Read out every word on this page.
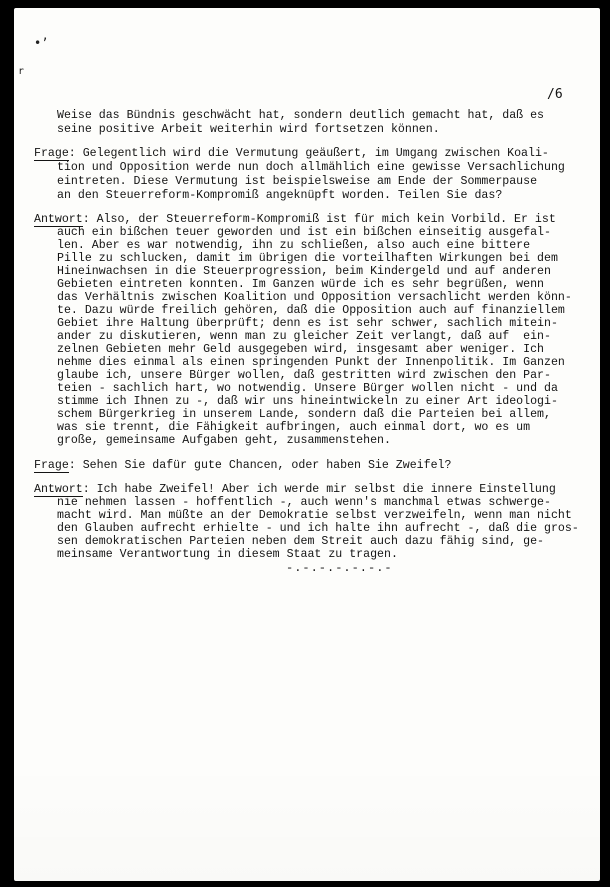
•’
r
/6

Weise das Bündnis geschwächt hat, sondern deutlich gemacht hat, daß es

seine positive Arbeit weiterhin wird fortsetzen können.

Frage: Gelegentlich wird die Vermutung geäußert, im Umgang zwischen Koali-

tion und Opposition werde nun doch allmählich eine gewisse Versachlichung

eintreten. Diese Vermutung ist beispielsweise am Ende der Sommerpause

an den Steuerreform-Kompromiß angeknüpft worden. Teilen Sie das?

Antwort: Also, der Steuerreform-Kompromiß ist für mich kein Vorbild. Er ist

auch ein bißchen teuer geworden und ist ein bißchen einseitig ausgefal-

len. Aber es war notwendig, ihn zu schließen, also auch eine bittere

Pille zu schlucken, damit im übrigen die vorteilhaften Wirkungen bei dem

Hineinwachsen in die Steuerprogression, beim Kindergeld und auf anderen

Gebieten eintreten konnten. Im Ganzen würde ich es sehr begrüßen, wenn

das Verhältnis zwischen Koalition und Opposition versachlicht werden könn-

te. Dazu würde freilich gehören, daß die Opposition auch auf finanziellem

Gebiet ihre Haltung überprüft; denn es ist sehr schwer, sachlich mitein-

ander zu diskutieren, wenn man zu gleicher Zeit verlangt, daß auf  ein-

zelnen Gebieten mehr Geld ausgegeben wird, insgesamt aber weniger. Ich

nehme dies einmal als einen springenden Punkt der Innenpolitik. Im Ganzen

glaube ich, unsere Bürger wollen, daß gestritten wird zwischen den Par-

teien - sachlich hart, wo notwendig. Unsere Bürger wollen nicht - und da

stimme ich Ihnen zu -, daß wir uns hineintwickeln zu einer Art ideologi-

schem Bürgerkrieg in unserem Lande, sondern daß die Parteien bei allem,

was sie trennt, die Fähigkeit aufbringen, auch einmal dort, wo es um

große, gemeinsame Aufgaben geht, zusammenstehen.

Frage: Sehen Sie dafür gute Chancen, oder haben Sie Zweifel?

Antwort: Ich habe Zweifel! Aber ich werde mir selbst die innere Einstellung

nie nehmen lassen - hoffentlich -, auch wenn's manchmal etwas schwerge-

macht wird. Man müßte an der Demokratie selbst verzweifeln, wenn man nicht

den Glauben aufrecht erhielte - und ich halte ihn aufrecht -, daß die gros-

sen demokratischen Parteien neben dem Streit auch dazu fähig sind, ge-

meinsame Verantwortung in diesem Staat zu tragen.

-.-.-.-.-.-.-
